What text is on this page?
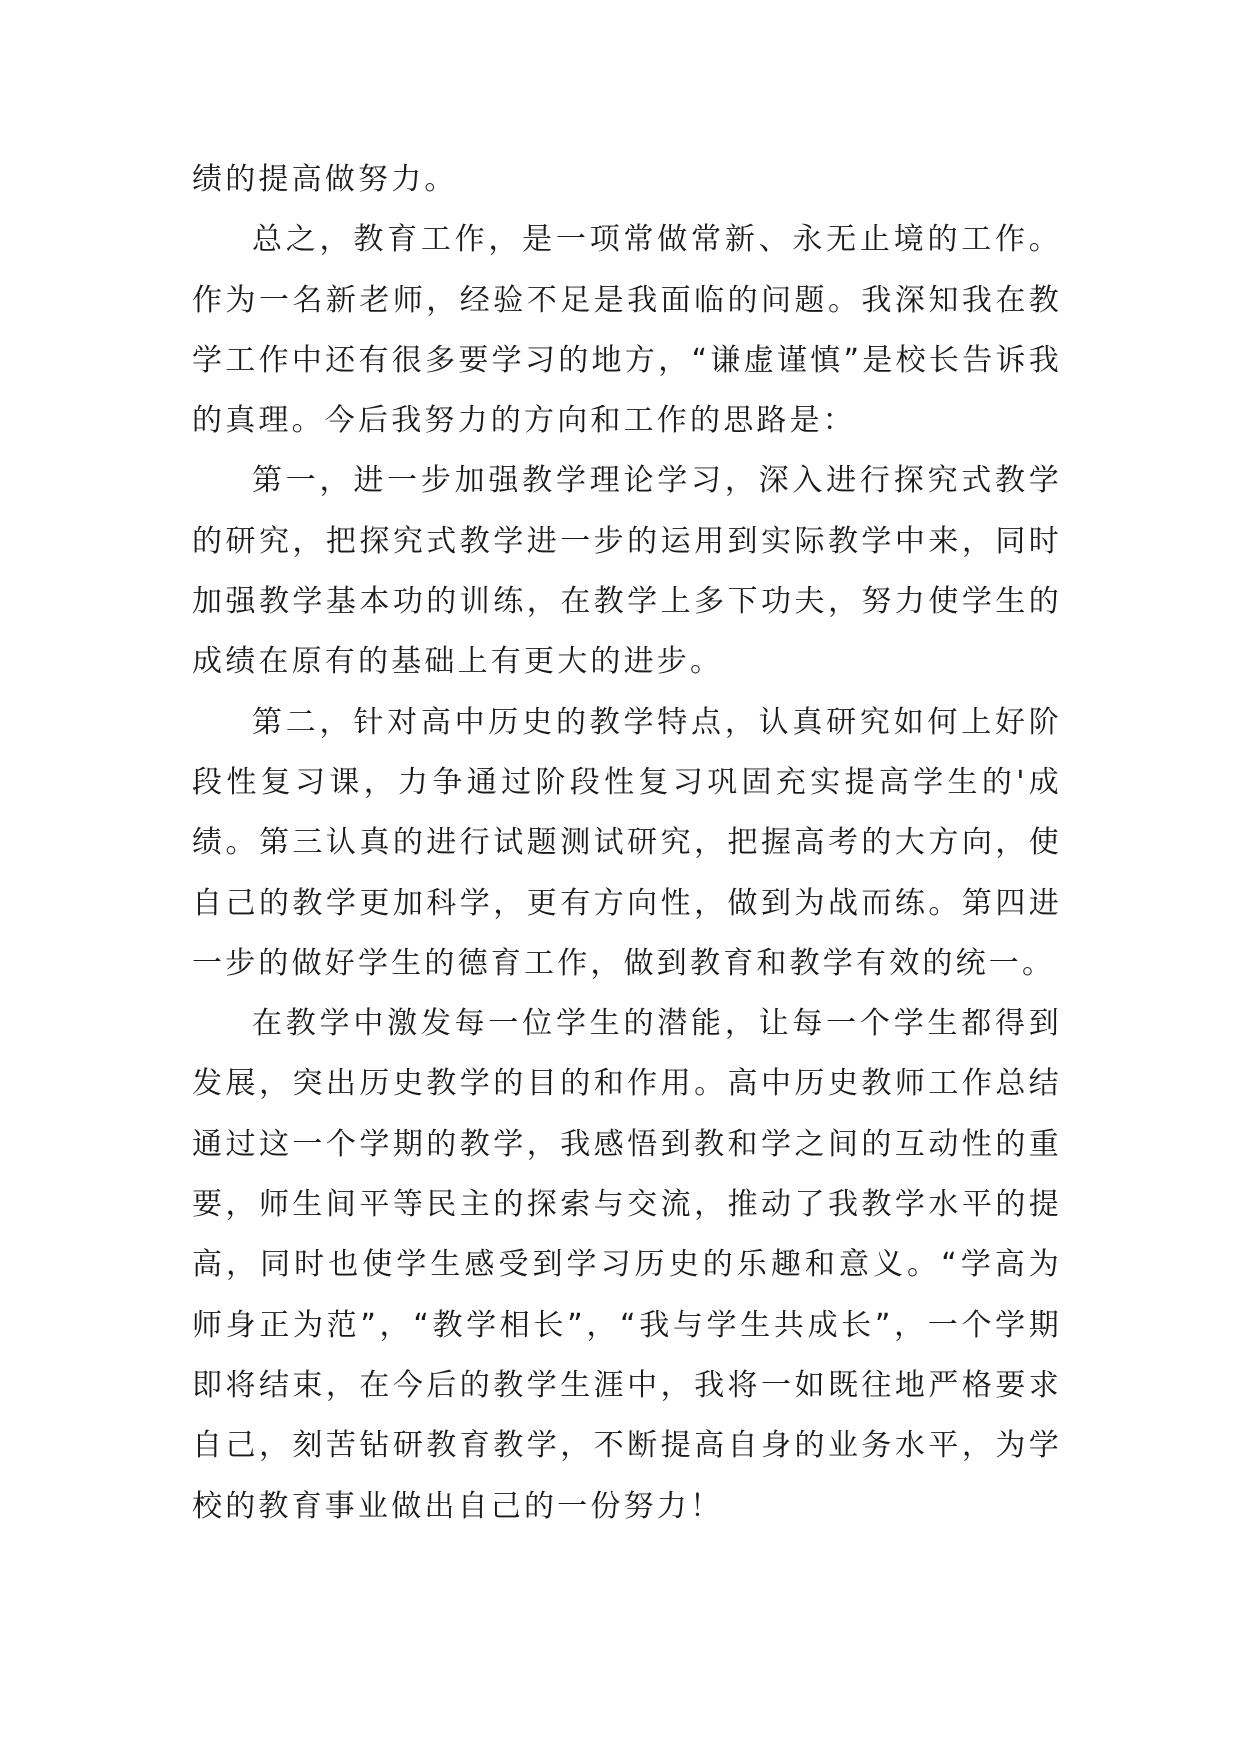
绩的提高做努力。

总之，教育工作，是一项常做常新、永无止境的工作。作为一名新老师，经验不足是我面临的问题。我深知我在教学工作中还有很多要学习的地方，“谦虚谨慎”是校长告诉我的真理。今后我努力的方向和工作的思路是：

第一，进一步加强教学理论学习，深入进行探究式教学的研究，把探究式教学进一步的运用到实际教学中来，同时加强教学基本功的训练，在教学上多下功夫，努力使学生的成绩在原有的基础上有更大的进步。

第二，针对高中历史的教学特点，认真研究如何上好阶段性复习课，力争通过阶段性复习巩固充实提高学生的'成绩。第三认真的进行试题测试研究，把握高考的大方向，使自己的教学更加科学，更有方向性，做到为战而练。第四进一步的做好学生的德育工作，做到教育和教学有效的统一。

在教学中激发每一位学生的潜能，让每一个学生都得到发展，突出历史教学的目的和作用。高中历史教师工作总结通过这一个学期的教学，我感悟到教和学之间的互动性的重要，师生间平等民主的探索与交流，推动了我教学水平的提高，同时也使学生感受到学习历史的乐趣和意义。“学高为师身正为范”，“教学相长”，“我与学生共成长”，一个学期即将结束，在今后的教学生涯中，我将一如既往地严格要求自己，刻苦钻研教育教学，不断提高自身的业务水平，为学校的教育事业做出自己的一份努力！
